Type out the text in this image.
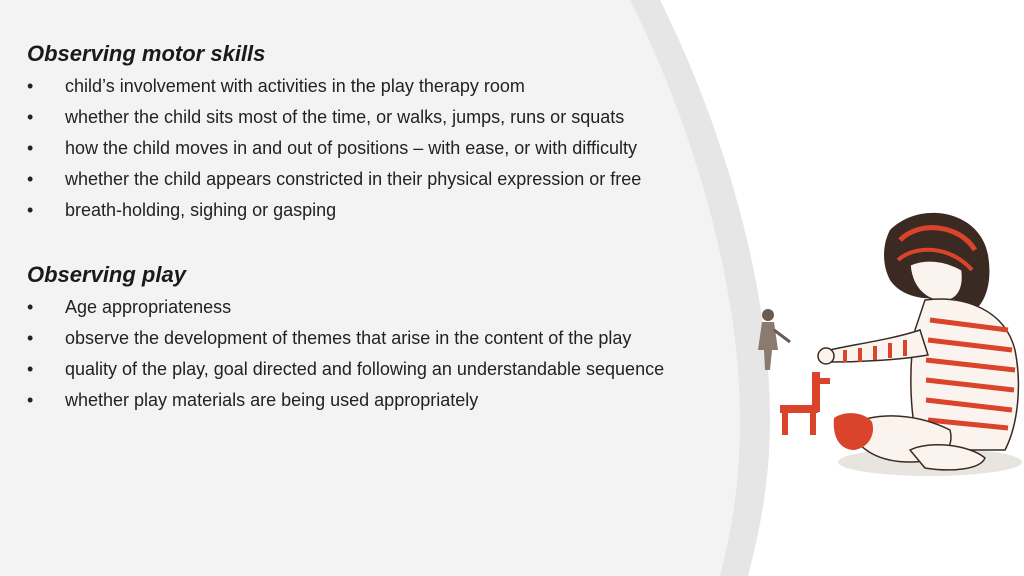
Observing motor skills
• child’s involvement with activities in the play therapy room
• whether the child sits most of the time, or walks, jumps, runs or squats
• how the child moves in and out of positions – with ease, or with difficulty
• whether the child appears constricted in their physical expression or free
• breath-holding, sighing or gasping
Observing play
• Age appropriateness
• observe the development of themes that arise in the content of the play
• quality of the play, goal directed and following an understandable sequence
• whether play materials are being used appropriately
